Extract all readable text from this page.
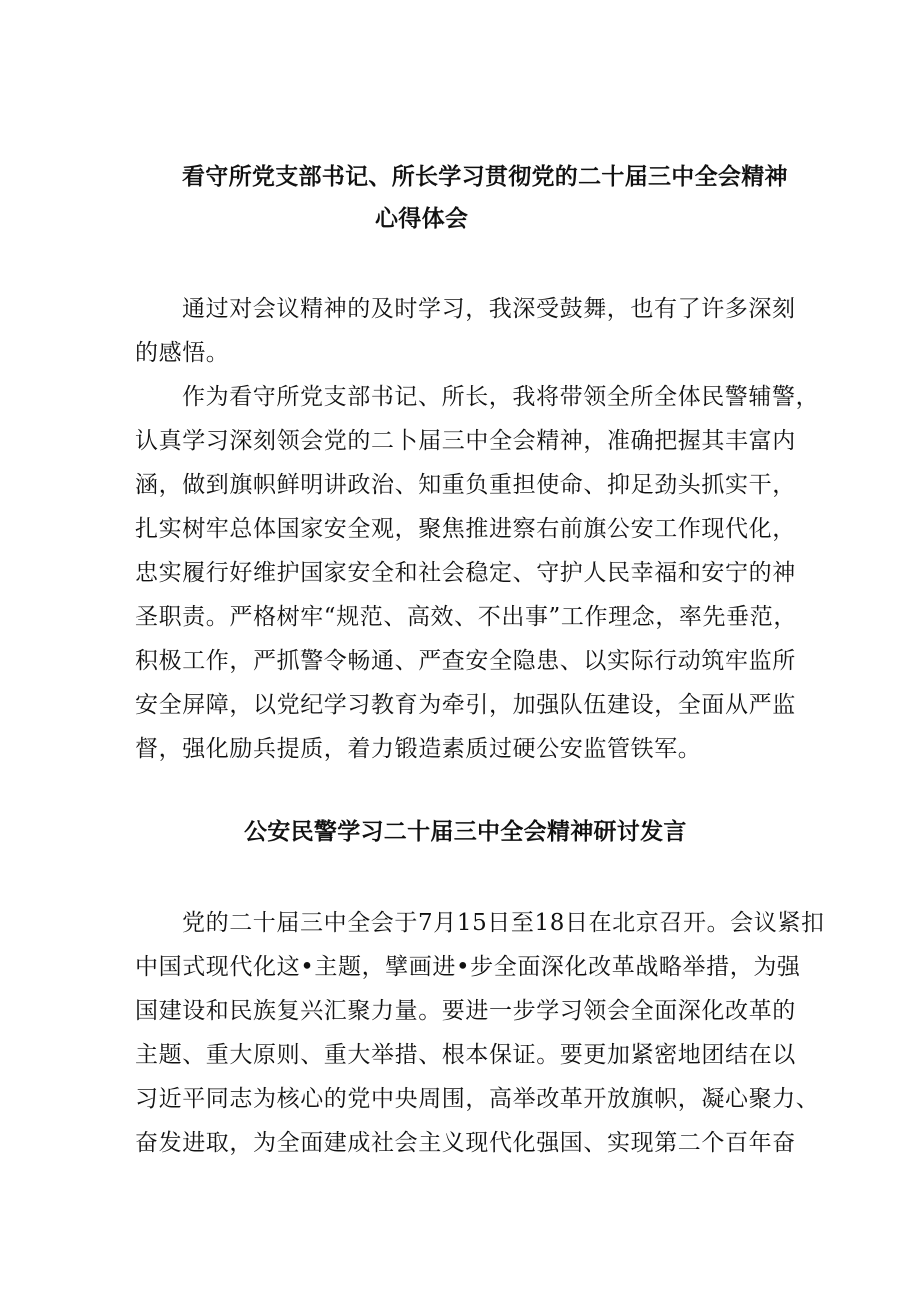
看守所党支部书记、所长学习贯彻党的二十届三中全会精神
心得体会

通过对会议精神的及时学习，我深受鼓舞，也有了许多深刻

的感悟。

作为看守所党支部书记、所长，我将带领全所全体民警辅警，

认真学习深刻领会党的二卜届三中全会精神，准确把握其丰富内

涵，做到旗帜鲜明讲政治、知重负重担使命、抑足劲头抓实干，

扎实树牢总体国家安全观，聚焦推进察右前旗公安工作现代化，

忠实履行好维护国家安全和社会稳定、守护人民幸福和安宁的神

圣职责。严格树牢“规范、高效、不出事”工作理念，率先垂范，

积极工作，严抓警令畅通、严查安全隐患、以实际行动筑牢监所

安全屏障，以党纪学习教育为牵引，加强队伍建设，全面从严监

督，强化励兵提质，着力锻造素质过硬公安监管铁军。

公安民警学习二十届三中全会精神研讨发言

党的二十届三中全会于7月15日至18日在北京召开。会议紧扣

中国式现代化这•主题，擘画进•步全面深化改革战略举措，为强

国建设和民族复兴汇聚力量。要进一步学习领会全面深化改革的

主题、重大原则、重大举措、根本保证。要更加紧密地团结在以

习近平同志为核心的党中央周围，高举改革开放旗帜，凝心聚力、

奋发进取，为全面建成社会主义现代化强国、实现第二个百年奋
